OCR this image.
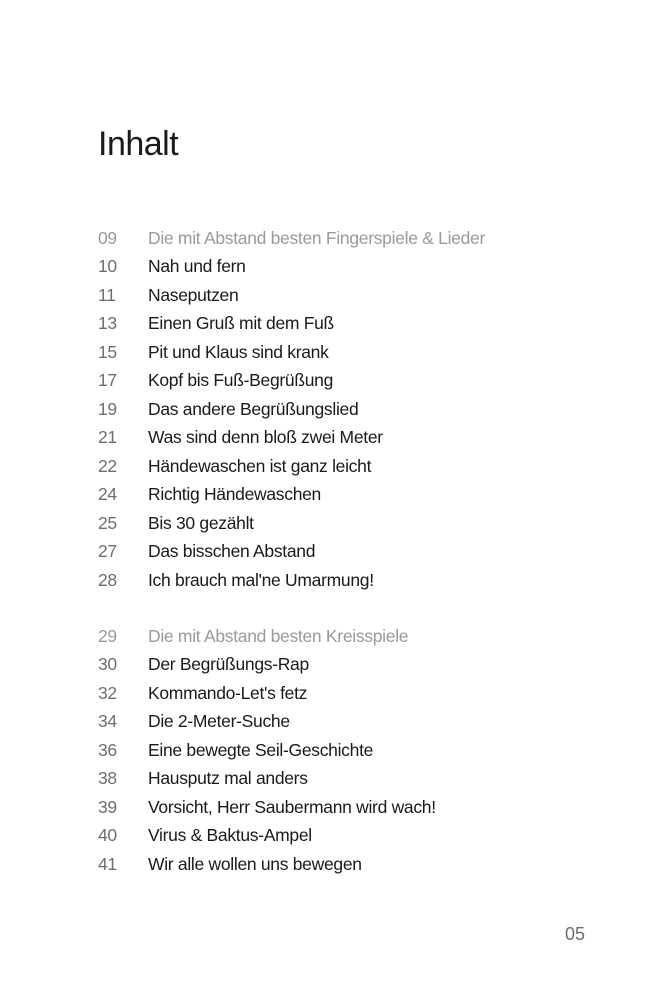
Inhalt
09	Die mit Abstand besten Fingerspiele & Lieder
10	Nah und fern
11	Naseputzen
13	Einen Gruß mit dem Fuß
15	Pit und Klaus sind krank
17	Kopf bis Fuß-Begrüßung
19	Das andere Begrüßungslied
21	Was sind denn bloß zwei Meter
22	Händewaschen ist ganz leicht
24	Richtig Händewaschen
25	Bis 30 gezählt
27	Das bisschen Abstand
28	Ich brauch mal'ne Umarmung!
29	Die mit Abstand besten Kreisspiele
30	Der Begrüßungs-Rap
32	Kommando-Let's fetz
34	Die 2-Meter-Suche
36	Eine bewegte Seil-Geschichte
38	Hausputz mal anders
39	Vorsicht, Herr Saubermann wird wach!
40	Virus & Baktus-Ampel
41	Wir alle wollen uns bewegen
05
